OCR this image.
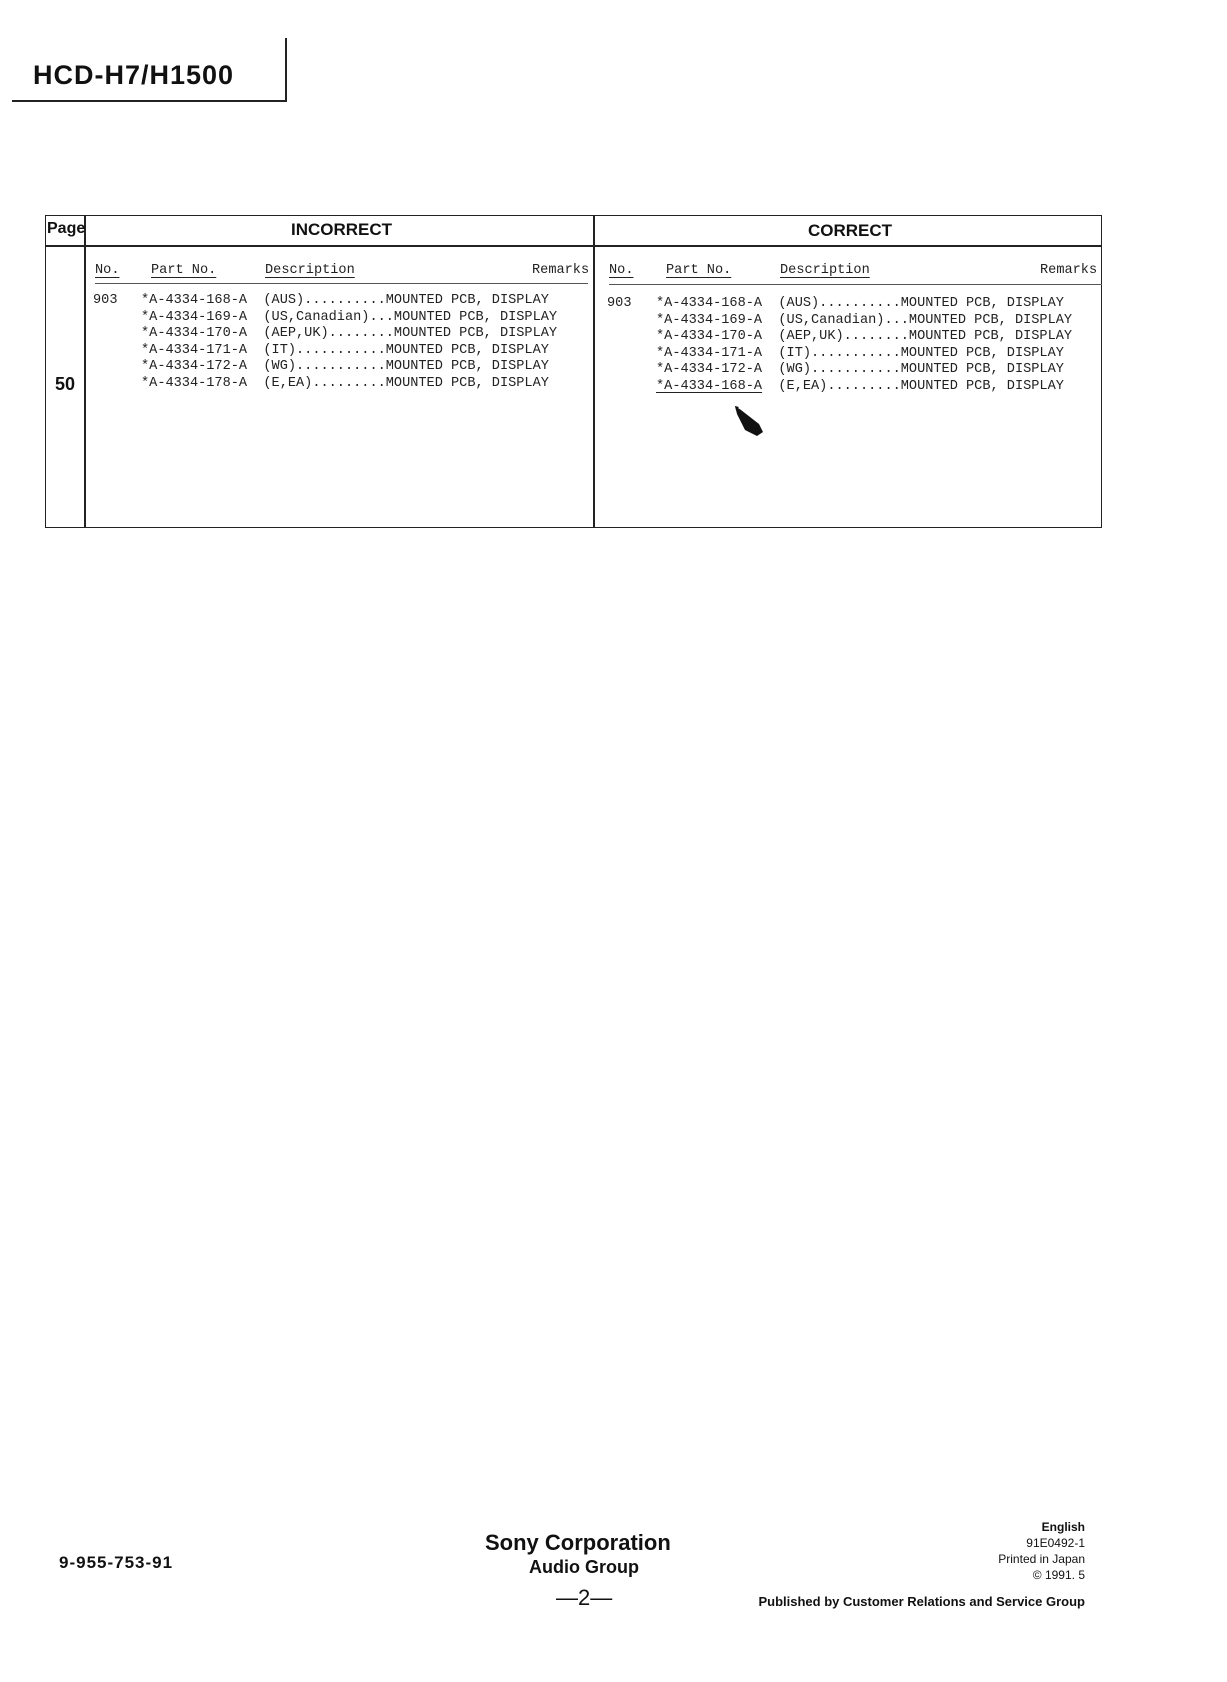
HCD-H7/H1500
Page	INCORRECT	CORRECT
50
No. Part No.	Description	Remarks No. Part No.	Description	Remarks
903 *A-4334-168-A (AUS)..........MOUNTED PCB, DISPLAY
*A-4334-169-A (US,Canadian)...MOUNTED PCB, DISPLAY
*A-4334-170-A (AEP,UK)........MOUNTED PCB, DISPLAY
*A-4334-171-A (IT)...........MOUNTED PCB, DISPLAY
*A-4334-172-A (WG)...........MOUNTED PCB, DISPLAY
*A-4334-178-A (E,EA).........MOUNTED PCB, DISPLAY
903 *A-4334-168-A (AUS)..........MOUNTED PCB, DISPLAY
*A-4334-169-A (US,Canadian)...MOUNTED PCB, DISPLAY
*A-4334-170-A (AEP,UK)........MOUNTED PCB, DISPLAY
*A-4334-171-A (IT)...........MOUNTED PCB, DISPLAY
*A-4334-172-A (WG)...........MOUNTED PCB, DISPLAY
*A-4334-168-A (E,EA).........MOUNTED PCB, DISPLAY
9-955-753-91
Sony Corporation
Audio Group
—2—
English
91E0492-1
Printed in Japan
© 1991. 5
Published by Customer Relations and Service Group
